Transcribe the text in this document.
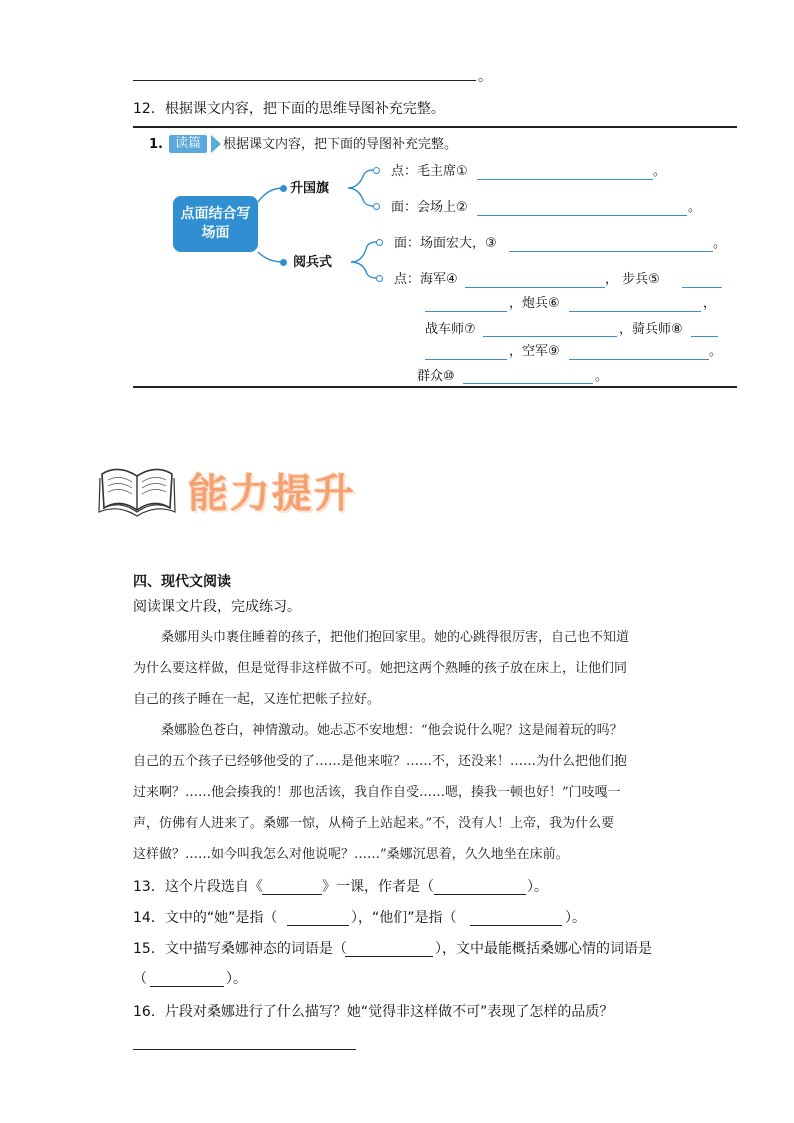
。
12．根据课文内容，把下面的思维导图补充完整。
1. 读篇	根据课文内容，把下面的导图补充完整。
点面结合写
场面
升国旗
点：毛主席①	。
面：会场上②	。
阅兵式
面：场面宏大，③	。
点：海军④	， 步兵⑤
，炮兵⑥	，
战车师⑦	，骑兵师⑧
，空军⑨	。
群众⑩	。
能力提升
四、现代文阅读
阅读课文片段，完成练习。
桑娜用头巾裹住睡着的孩子，把他们抱回家里。她的心跳得很厉害，自己也不知道
为什么要这样做，但是觉得非这样做不可。她把这两个熟睡的孩子放在床上，让他们同
自己的孩子睡在一起，又连忙把帐子拉好。
桑娜脸色苍白，神情激动。她忐忑不安地想：“他会说什么呢？这是闹着玩的吗？
自己的五个孩子已经够他受的了……是他来啦？……不，还没来！……为什么把他们抱
过来啊？……他会揍我的！那也活该，我自作自受……嗯，揍我一顿也好！”门吱嘎一
声，仿佛有人进来了。桑娜一惊，从椅子上站起来。”不，没有人！上帝，我为什么要
这样做？……如今叫我怎么对他说呢？……”桑娜沉思着，久久地坐在床前。
13．这个片段选自《	》一课，作者是（	）。
14．文中的“她”是指（	），“他们”是指（	）。
15．文中描写桑娜神态的词语是（	），文中最能概括桑娜心情的词语是
（	）。
16．片段对桑娜进行了什么描写？她“觉得非这样做不可”表现了怎样的品质？
